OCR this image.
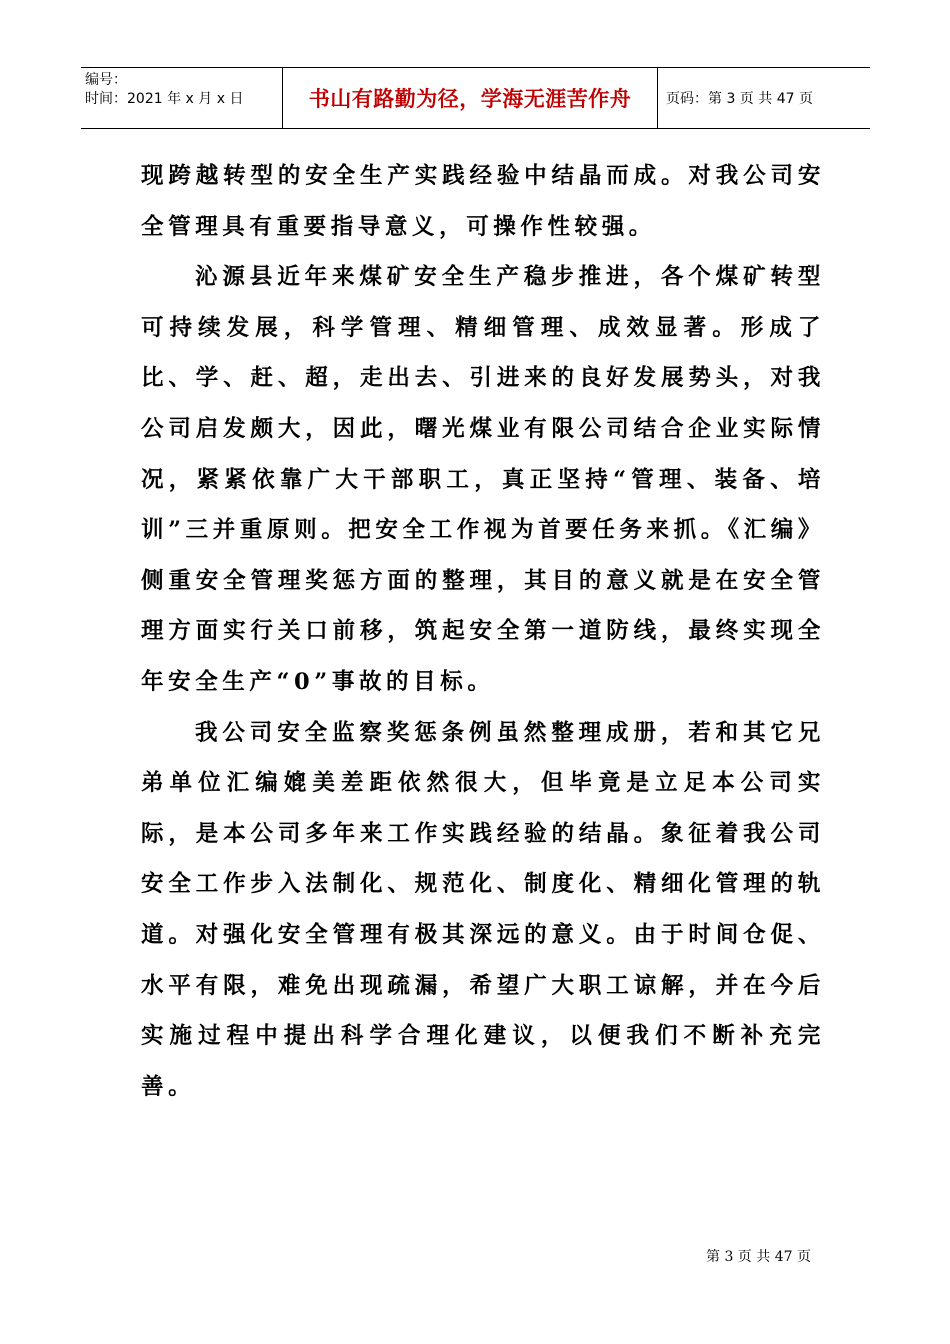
编号：
时间：2021 年 x 月 x 日	书山有路勤为径，学海无涯苦作舟	页码：第 3 页 共 47 页

现跨越转型的安全生产实践经验中结晶而成。对我公司安全管理具有重要指导意义，可操作性较强。

沁源县近年来煤矿安全生产稳步推进，各个煤矿转型可持续发展，科学管理、精细管理、成效显著。形成了比、学、赶、超，走出去、引进来的良好发展势头，对我公司启发颇大，因此，曙光煤业有限公司结合企业实际情况，紧紧依靠广大干部职工，真正坚持“管理、装备、培训”三并重原则。把安全工作视为首要任务来抓。《汇编》侧重安全管理奖惩方面的整理，其目的意义就是在安全管理方面实行关口前移，筑起安全第一道防线，最终实现全年安全生产“0”事故的目标。

我公司安全监察奖惩条例虽然整理成册，若和其它兄弟单位汇编媲美差距依然很大，但毕竟是立足本公司实际，是本公司多年来工作实践经验的结晶。象征着我公司安全工作步入法制化、规范化、制度化、精细化管理的轨道。对强化安全管理有极其深远的意义。由于时间仓促、水平有限，难免出现疏漏，希望广大职工谅解，并在今后实施过程中提出科学合理化建议，以便我们不断补充完善。

第 3 页 共 47 页
